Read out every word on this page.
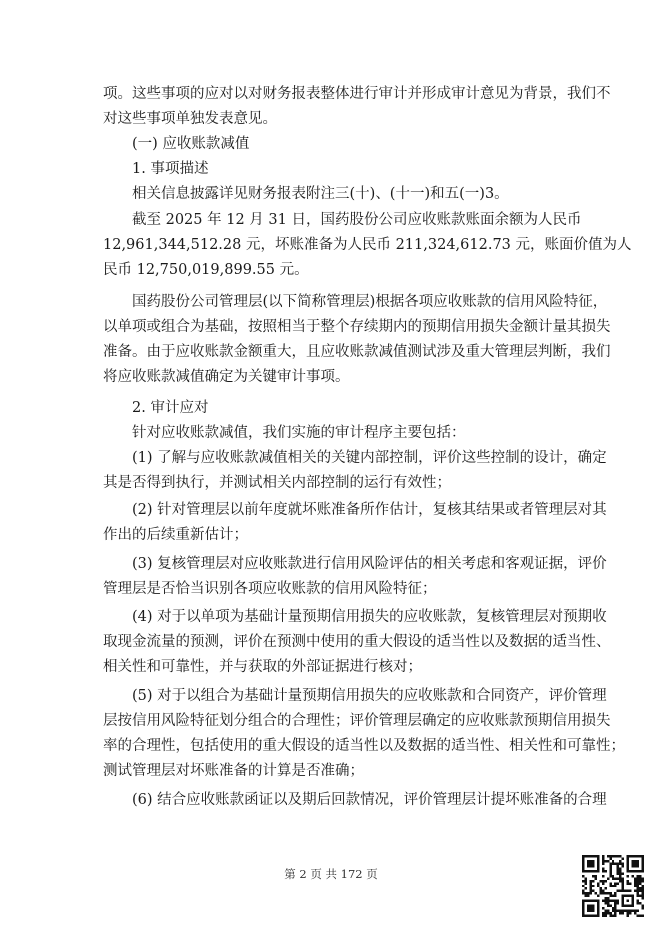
项。这些事项的应对以对财务报表整体进行审计并形成审计意见为背景，我们不
对这些事项单独发表意见。
(一) 应收账款减值
1. 事项描述
相关信息披露详见财务报表附注三(十)、(十一)和五(一)3。
截至 2025 年 12 月 31 日，国药股份公司应收账款账面余额为人民币
12,961,344,512.28 元，坏账准备为人民币 211,324,612.73 元，账面价值为人
民币 12,750,019,899.55 元。
国药股份公司管理层(以下简称管理层)根据各项应收账款的信用风险特征，
以单项或组合为基础，按照相当于整个存续期内的预期信用损失金额计量其损失
准备。由于应收账款金额重大，且应收账款减值测试涉及重大管理层判断，我们
将应收账款减值确定为关键审计事项。
2. 审计应对
针对应收账款减值，我们实施的审计程序主要包括：
(1) 了解与应收账款减值相关的关键内部控制，评价这些控制的设计，确定
其是否得到执行，并测试相关内部控制的运行有效性；
(2) 针对管理层以前年度就坏账准备所作估计，复核其结果或者管理层对其
作出的后续重新估计；
(3) 复核管理层对应收账款进行信用风险评估的相关考虑和客观证据，评价
管理层是否恰当识别各项应收账款的信用风险特征；
(4) 对于以单项为基础计量预期信用损失的应收账款，复核管理层对预期收
取现金流量的预测，评价在预测中使用的重大假设的适当性以及数据的适当性、
相关性和可靠性，并与获取的外部证据进行核对；
(5) 对于以组合为基础计量预期信用损失的应收账款和合同资产，评价管理
层按信用风险特征划分组合的合理性；评价管理层确定的应收账款预期信用损失
率的合理性，包括使用的重大假设的适当性以及数据的适当性、相关性和可靠性；
测试管理层对坏账准备的计算是否准确；
(6) 结合应收账款函证以及期后回款情况，评价管理层计提坏账准备的合理
第 2 页 共 172 页
